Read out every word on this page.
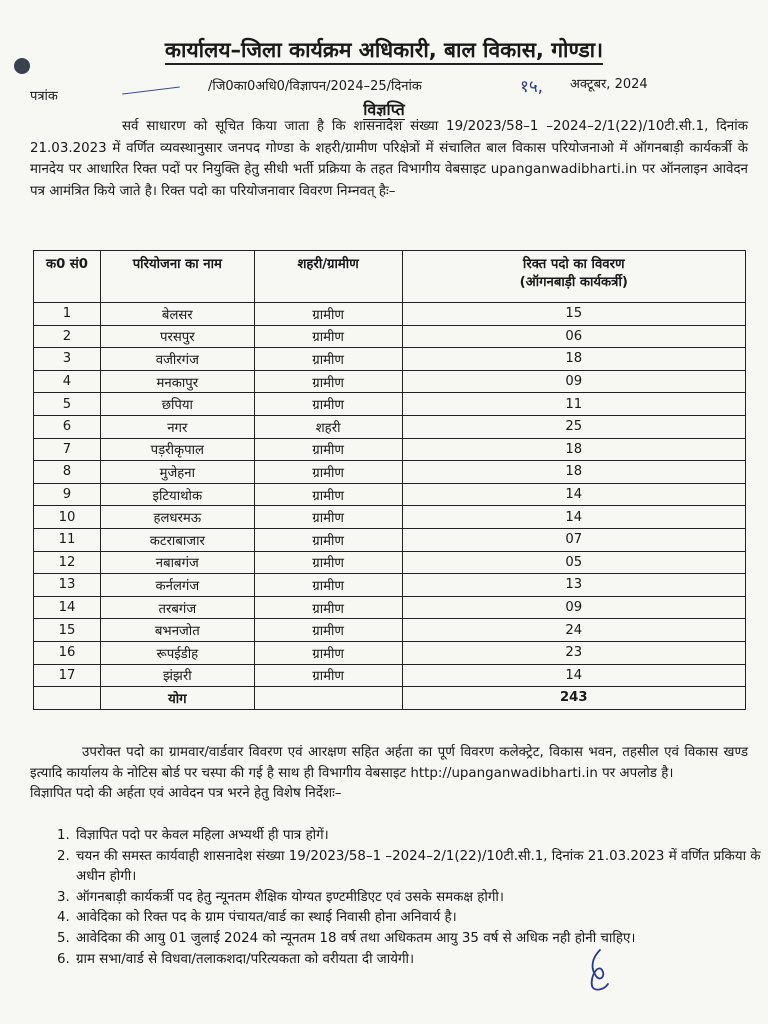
कार्यालय–जिला कार्यक्रम अधिकारी, बाल विकास, गोण्डा।
पत्रांक
/जि0का0अधि0/विज्ञापन/2024–25/दिनांक	१५, अक्टूबर, 2024
विज्ञप्ति

सर्व साधारण को सूचित किया जाता है कि शासनादेश संख्या 19/2023/58–1 –2024–2/1(22)/10टी.सी.1, दिनांक 21.03.2023 में वर्णित व्यवस्थानुसार जनपद गोण्डा के शहरी/ग्रामीण परिक्षेत्रों में संचालित बाल विकास परियोजनाओ में ऑगनबाड़ी कार्यकर्त्री के मानदेय पर आधारित रिक्त पदों पर नियुक्ति हेतु सीधी भर्ती प्रक्रिया के तहत विभागीय वेबसाइट upanganwadibharti.in पर ऑनलाइन आवेदन पत्र आमंत्रित किये जाते है। रिक्त पदो का परियोजनावार विवरण निम्नवत् हैः–

क0 सं0	परियोजना का नाम	शहरी/ग्रामीण	रिक्त पदो का विवरण
(ऑगनबाड़ी कार्यकर्त्री)

1	बेलसर	ग्रामीण	15
2	परसपुर	ग्रामीण	06
3	वजीरगंज	ग्रामीण	18
4	मनकापुर	ग्रामीण	09
5	छपिया	ग्रामीण	11
6	नगर	शहरी	25
7	पड़रीकृपाल	ग्रामीण	18
8	मुजेहना	ग्रामीण	18
9	इटियाथोक	ग्रामीण	14
10	हलधरमऊ	ग्रामीण	14
11	कटराबाजार	ग्रामीण	07
12	नबाबगंज	ग्रामीण	05
13	कर्नलगंज	ग्रामीण	13
14	तरबगंज	ग्रामीण	09
15	बभनजोत	ग्रामीण	24
16	रूपईडीह	ग्रामीण	23
17	झंझरी	ग्रामीण	14
	योग		243

उपरोक्त पदो का ग्रामवार/वार्डवार विवरण एवं आरक्षण सहित अर्हता का पूर्ण विवरण कलेक्ट्रेट, विकास भवन, तहसील एवं विकास खण्ड इत्यादि कार्यालय के नोटिस बोर्ड पर चस्पा की गई है साथ ही विभागीय वेबसाइट http://upanganwadibharti.in पर अपलोड है।

विज्ञापित पदो की अर्हता एवं आवेदन पत्र भरने हेतु विशेष निर्देशः–

1. विज्ञापित पदो पर केवल महिला अभ्यर्थी ही पात्र होगें।
2. चयन की समस्त कार्यवाही शासनादेश संख्या 19/2023/58–1 –2024–2/1(22)/10टी.सी.1, दिनांक 21.03.2023 में वर्णित प्रकिया के अधीन होगी।
3. ऑगनबाड़ी कार्यकर्त्री पद हेतु न्यूनतम शैक्षिक योग्यत इण्टमीडिएट एवं उसके समकक्ष होगी।
4. आवेदिका को रिक्त पद के ग्राम पंचायत/वार्ड का स्थाई निवासी होना अनिवार्य है।
5. आवेदिका की आयु 01 जुलाई 2024 को न्यूनतम 18 वर्ष तथा अधिकतम आयु 35 वर्ष से अधिक नही होनी चाहिए।
6. ग्राम सभा/वार्ड से विधवा/तलाकशदा/परित्यकता को वरीयता दी जायेगी।
